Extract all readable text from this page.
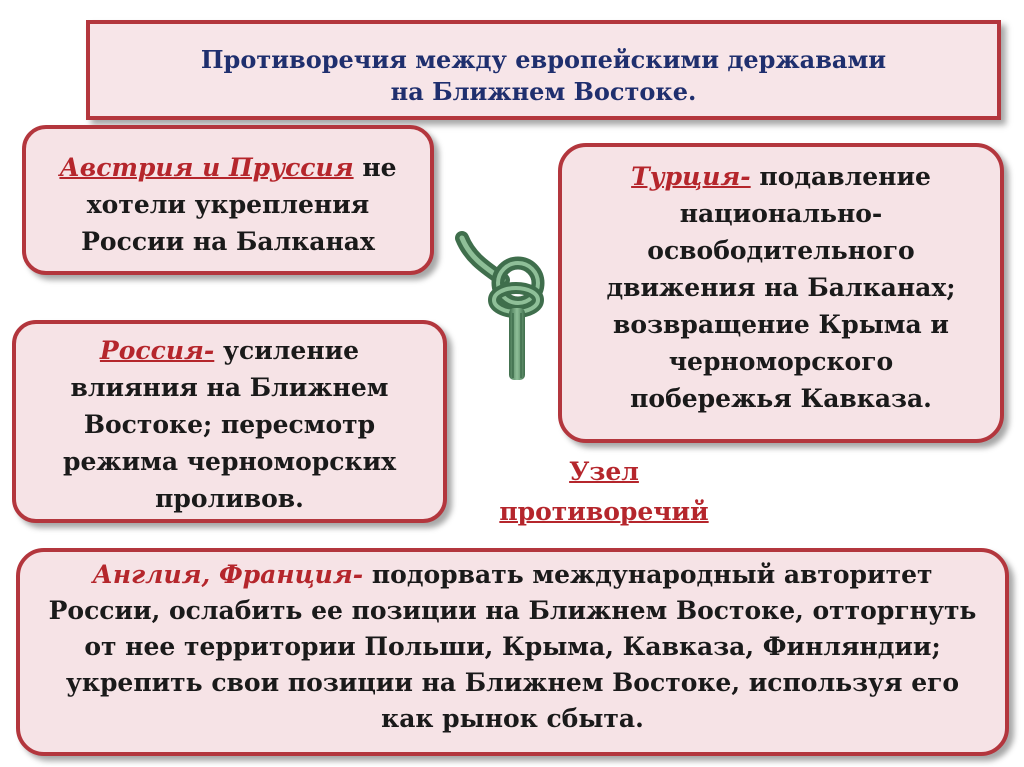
Противоречия между европейскими державами
на Ближнем Востоке.
Австрия и Пруссия не
хотели укрепления
России на Балканах
Россия- усиление
влияния на Ближнем
Востоке; пересмотр
режима черноморских
проливов.
Турция- подавление
национально-
освободительного
движения на Балканах;
возвращение Крыма и
черноморского
побережья Кавказа.
Узел
противоречий
Англия, Франция- подорвать международный авторитет
России, ослабить ее позиции на Ближнем Востоке, отторгнуть
от нее территории Польши, Крыма, Кавказа, Финляндии;
укрепить свои позиции на Ближнем Востоке, используя его
как рынок сбыта.
